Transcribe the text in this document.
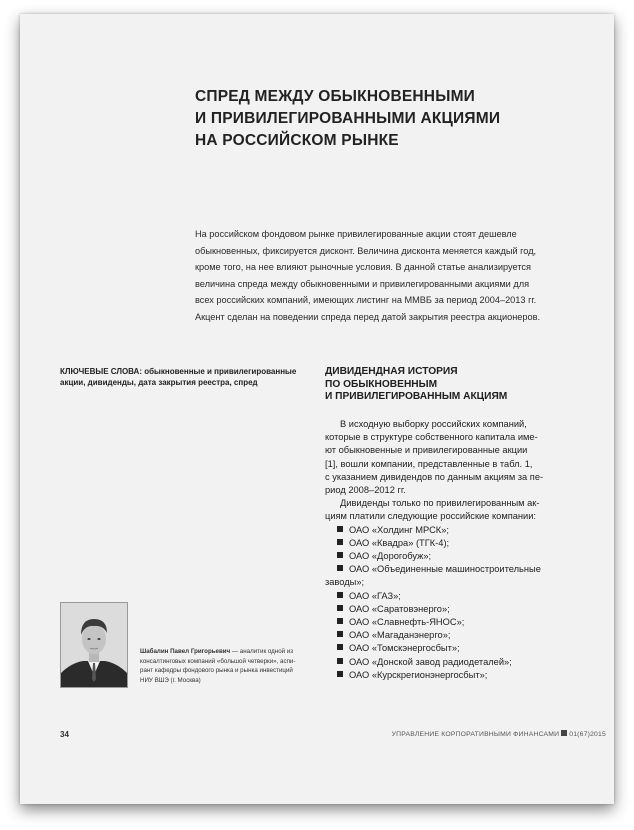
СПРЕД МЕЖДУ ОБЫКНОВЕННЫМИ
И ПРИВИЛЕГИРОВАННЫМИ АКЦИЯМИ
НА РОССИЙСКОМ РЫНКЕ
На российском фондовом рынке привилегированные акции стоят дешевле
обыкновенных, фиксируется дисконт. Величина дисконта меняется каждый год,
кроме того, на нее влияют рыночные условия. В данной статье анализируется
величина спреда между обыкновенными и привилегированными акциями для
всех российских компаний, имеющих листинг на ММВБ за период 2004–2013 гг.
Акцент сделан на поведении спреда перед датой закрытия реестра акционеров.
КЛЮЧЕВЫЕ СЛОВА: обыкновенные и привилегированные
акции, дивиденды, дата закрытия реестра, спред
ДИВИДЕНДНАЯ ИСТОРИЯ
ПО ОБЫКНОВЕННЫМ
И ПРИВИЛЕГИРОВАННЫМ АКЦИЯМ
В исходную выборку российских компаний,
которые в структуре собственного капитала име-
ют обыкновенные и привилегированные акции
[1], вошли компании, представленные в табл. 1,
с указанием дивидендов по данным акциям за пе-
риод 2008–2012 гг.
Дивиденды только по привилегированным ак-
циям платили следующие российские компании:
ОАО «Холдинг МРСК»;
ОАО «Квадра» (ТГК-4);
ОАО «Дорогобуж»;
ОАО «Объединенные машиностроительные
заводы»;
ОАО «ГАЗ»;
ОАО «Саратовэнерго»;
ОАО «Славнефть-ЯНОС»;
ОАО «Магаданэнерго»;
ОАО «Томскэнергосбыт»;
ОАО «Донской завод радиодеталей»;
ОАО «Курскрегионэнергосбыт»;
Шабалин Павел Григорьевич — аналитик одной из
консалтинговых компаний «большой четверки», аспи-
рант кафедры фондового рынка и рынка инвестиций
НИУ ВШЭ (г. Москва)
34	УПРАВЛЕНИЕ КОРПОРАТИВНЫМИ ФИНАНСАМИ 01(67)2015
